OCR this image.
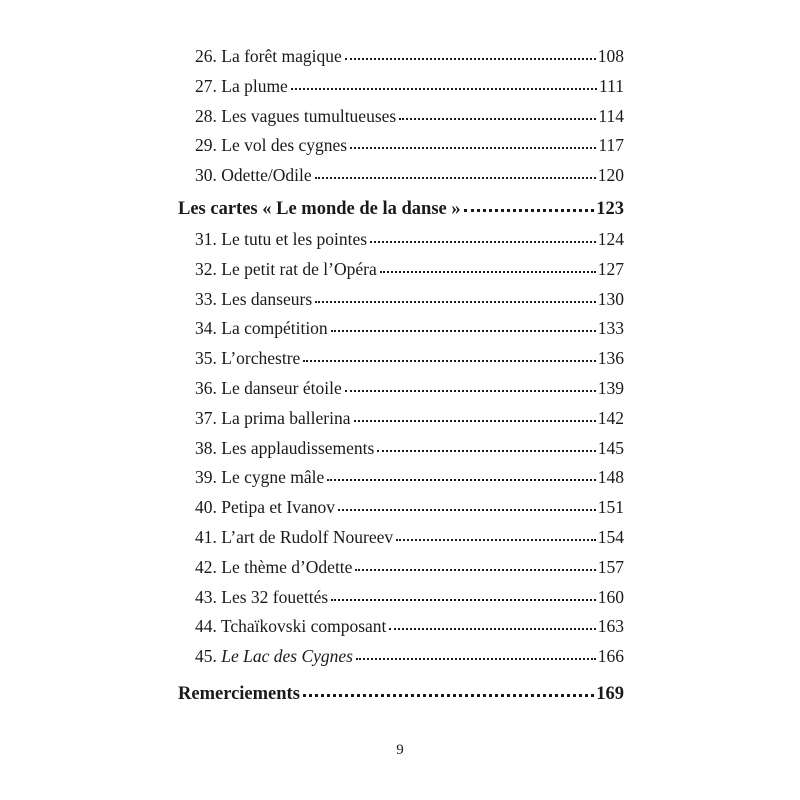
26. La forêt magique	108
27. La plume	111
28. Les vagues tumultueuses	114
29. Le vol des cygnes	117
30. Odette/Odile	120
Les cartes « Le monde de la danse »	123
31. Le tutu et les pointes	124
32. Le petit rat de l’Opéra	127
33. Les danseurs	130
34. La compétition	133
35. L’orchestre	136
36. Le danseur étoile	139
37. La prima ballerina	142
38. Les applaudissements	145
39. Le cygne mâle	148
40. Petipa et Ivanov	151
41. L’art de Rudolf Noureev	154
42. Le thème d’Odette	157
43. Les 32 fouettés	160
44. Tchaïkovski composant	163
45. Le Lac des Cygnes	166
Remerciements	169
9
